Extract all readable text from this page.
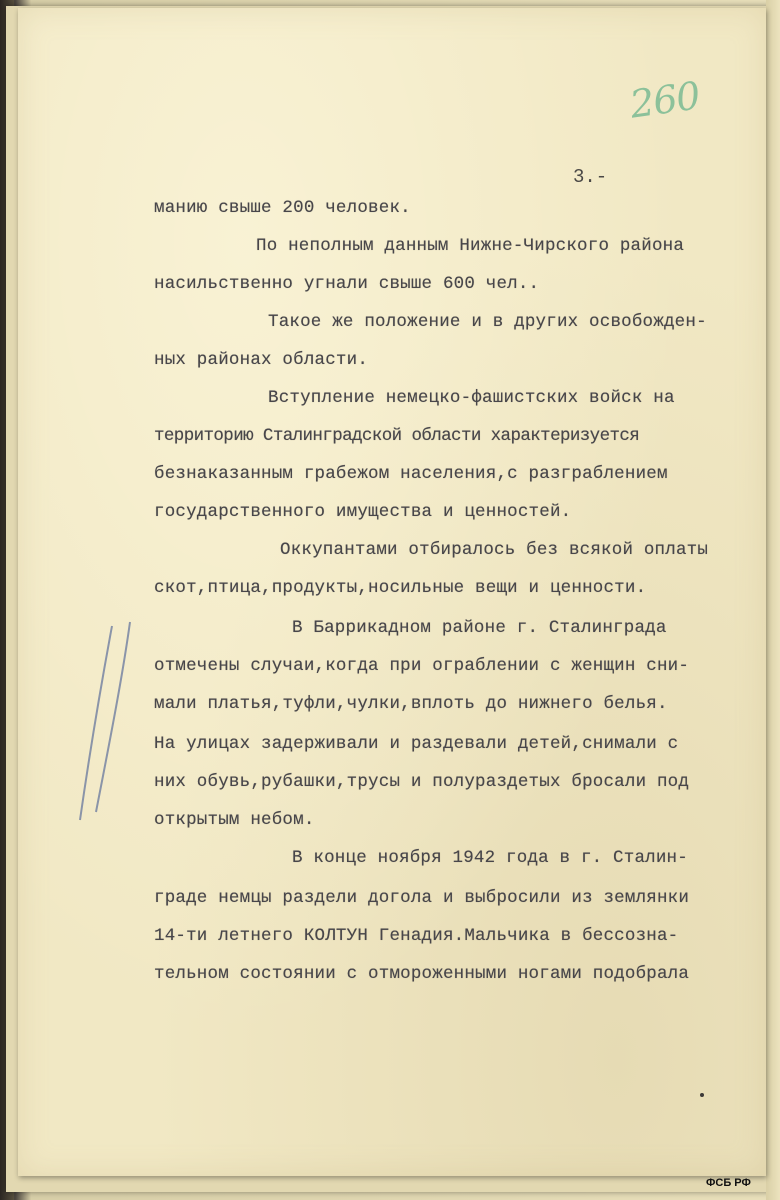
260
3.-
манию свыше 200 человек.
По неполным данным Нижне-Чирского района
насильственно угнали свыше 600 чел..
Такое же положение и в других освобожден-
ных районах области.
Вступление немецко-фашистских войск на
территорию Сталинградской области характеризуется
безнаказанным грабежом населения,с разграблением
государственного имущества и ценностей.
Оккупантами отбиралось без всякой оплаты
скот,птица,продукты,носильные вещи и ценности.
В Баррикадном районе г. Сталинграда
отмечены случаи,когда при ограблении с женщин сни-
мали платья,туфли,чулки,вплоть до нижнего белья.
На улицах задерживали и раздевали детей,снимали с
них обувь,рубашки,трусы и полураздетых бросали под
открытым небом.
В конце ноября 1942 года в г. Сталин-
граде немцы раздели догола и выбросили из землянки
14-ти летнего КОЛТУН Генадия.Мальчика в бессозна-
тельном состоянии с отмороженными ногами подобрала
ФСБ РФ
